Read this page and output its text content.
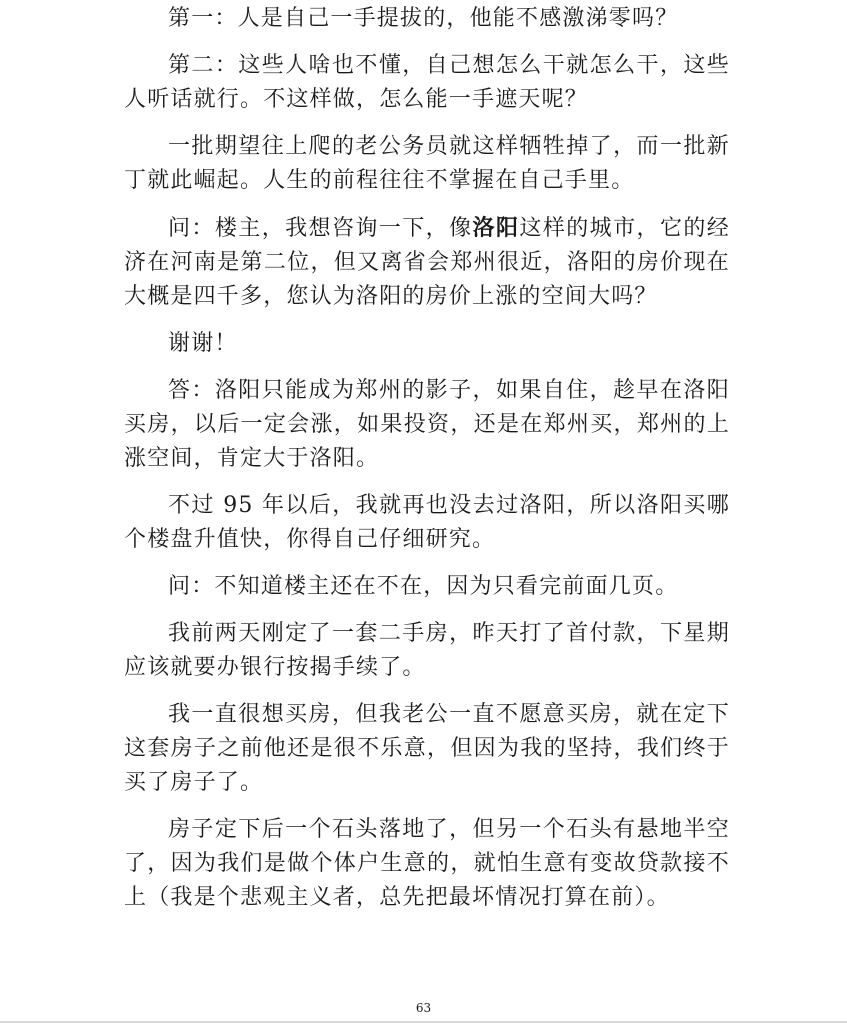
第一：人是自己一手提拔的，他能不感激涕零吗？

第二：这些人啥也不懂，自己想怎么干就怎么干，这些人听话就行。不这样做，怎么能一手遮天呢？

一批期望往上爬的老公务员就这样牺牲掉了，而一批新丁就此崛起。人生的前程往往不掌握在自己手里。

问：楼主，我想咨询一下，像洛阳这样的城市，它的经济在河南是第二位，但又离省会郑州很近，洛阳的房价现在大概是四千多，您认为洛阳的房价上涨的空间大吗？

谢谢！

答：洛阳只能成为郑州的影子，如果自住，趁早在洛阳买房，以后一定会涨，如果投资，还是在郑州买，郑州的上涨空间，肯定大于洛阳。

不过 95 年以后，我就再也没去过洛阳，所以洛阳买哪个楼盘升值快，你得自己仔细研究。

问：不知道楼主还在不在，因为只看完前面几页。

我前两天刚定了一套二手房，昨天打了首付款，下星期应该就要办银行按揭手续了。

我一直很想买房，但我老公一直不愿意买房，就在定下这套房子之前他还是很不乐意，但因为我的坚持，我们终于买了房子了。

房子定下后一个石头落地了，但另一个石头有悬地半空了，因为我们是做个体户生意的，就怕生意有变故贷款接不上（我是个悲观主义者，总先把最坏情况打算在前）。

63
